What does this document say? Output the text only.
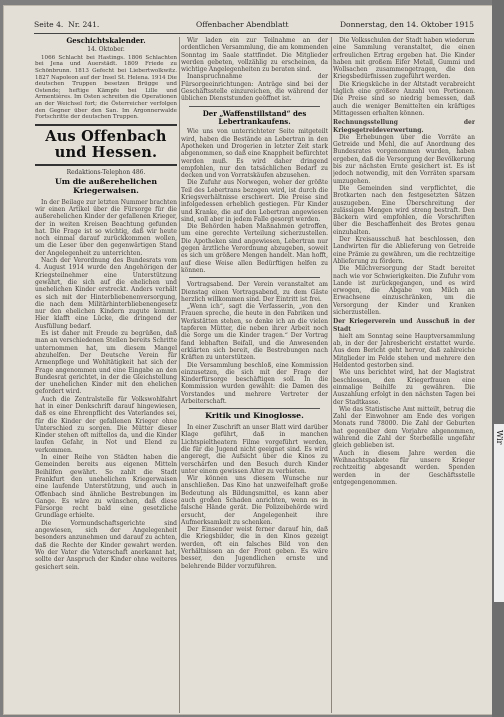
Seite 4. Nr. 241.	Offenbacher Abendblatt	Donnerstag, den 14. Oktober 1915

Geschichtskalender.

14. Oktober.

1066 Schlacht bei Hastings. 1806 Schlachten bei Jena und Auerstädt. 1809 Friede zu Schönbrunn. 1813 Gefecht bei Liebertwolkwitz. 1827 Napoleon auf der Insel St. Helena. 1914 Die deutschen Truppen besetzen Brügge und Ostende; heftige Kämpfe bei Lille und Armentières. Im Osten schreiten die Operationen an der Weichsel fort; die Österreicher verfolgen den Gegner über den San. Im Argonnerwalde Fortschritte der deutschen Truppen.

Aus Offenbach und Hessen.

Redaktions-Telephon 486.

Um die außerehelichen Kriegerwaisen.

In der Beilage zur letzten Nummer brachten wir einen Artikel über die Fürsorge für die außerehelichen Kinder der gefallenen Krieger, der in weiten Kreisen Beachtung gefunden hat. Die Frage ist so wichtig, daß wir heute noch einmal darauf zurückkommen wollen, um die Leser über den gegenwärtigen Stand der Angelegenheit zu unterrichten.

Nach der Verordnung des Bundesrats vom 4. August 1914 wurde den Angehörigen der Kriegsteilnehmer eine Unterstützung gewährt, die sich auf die ehelichen und unehelichen Kinder erstreckt. Anders verhält es sich mit der Hinterbliebenenversorgung, die nach dem Militärhinterbliebenengesetz nur den ehelichen Kindern zugute kommt. Hier klafft eine Lücke, die dringend der Ausfüllung bedarf.

Es ist daher mit Freude zu begrüßen, daß man an verschiedenen Stellen bereits Schritte unternommen hat, um diesem Mangel abzuhelfen. Der Deutsche Verein für Armenpflege und Wohltätigkeit hat sich der Frage angenommen und eine Eingabe an den Bundesrat gerichtet, in der die Gleichstellung der unehelichen Kinder mit den ehelichen gefordert wird.

Auch die Zentralstelle für Volkswohlfahrt hat in einer Denkschrift darauf hingewiesen, daß es eine Ehrenpflicht des Vaterlandes sei, für die Kinder der gefallenen Krieger ohne Unterschied zu sorgen. Die Mütter dieser Kinder stehen oft mittellos da, und die Kinder laufen Gefahr, in Not und Elend zu verkommen.

In einer Reihe von Städten haben die Gemeinden bereits aus eigenen Mitteln Beihilfen gewährt. So zahlt die Stadt Frankfurt den unehelichen Kriegerwaisen eine laufende Unterstützung, und auch in Offenbach sind ähnliche Bestrebungen im Gange. Es wäre zu wünschen, daß diese Fürsorge recht bald eine gesetzliche Grundlage erhielte.

Die Vormundschaftsgerichte sind angewiesen, sich der Angelegenheit besonders anzunehmen und darauf zu achten, daß die Rechte der Kinder gewahrt werden. Wo der Vater die Vaterschaft anerkannt hat, sollte der Anspruch der Kinder ohne weiteres gesichert sein.

Wir laden ein zur Teilnahme an der ordentlichen Versammlung, die am kommenden Sonntag im Saale stattfindet. Die Mitglieder werden gebeten, vollzählig zu erscheinen, da wichtige Angelegenheiten zu beraten sind.

Inanspruchnahme der Fürsorgeeinrichtungen: Anträge sind bei der Geschäftsstelle einzureichen, die während der üblichen Dienststunden geöffnet ist.

Der „Waffenstillstand“ des Lebertrankaufens.

Wie uns von unterrichteter Seite mitgeteilt wird, haben die Bestände an Lebertran in den Apotheken und Drogerien in letzter Zeit stark abgenommen, so daß eine Knappheit befürchtet werden muß. Es wird daher dringend empfohlen, nur den tatsächlichen Bedarf zu decken und von Vorratskäufen abzusehen.

Die Zufuhr aus Norwegen, woher der größte Teil des Lebertrans bezogen wird, ist durch die Kriegsverhältnisse erschwert. Die Preise sind infolgedessen erheblich gestiegen. Für Kinder und Kranke, die auf den Lebertran angewiesen sind, soll aber in jedem Falle gesorgt werden.

Die Behörden haben Maßnahmen getroffen, um eine gerechte Verteilung sicherzustellen. Die Apotheken sind angewiesen, Lebertran nur gegen ärztliche Verordnung abzugeben, soweit es sich um größere Mengen handelt. Man hofft, auf diese Weise allen Bedürftigen helfen zu können.

Vortragsabend. Der Verein veranstaltet am Dienstag einen Vortragsabend, zu dem Gäste herzlich willkommen sind. Der Eintritt ist frei.

„Wenn ich“, sagt die Verfasserin, „von den Frauen spreche, die heute in den Fabriken und Werkstätten stehen, so denke ich an die vielen tapferen Mütter, die neben ihrer Arbeit noch die Sorge um die Kinder tragen.“ Der Vortrag fand lebhaften Beifall, und die Anwesenden erklärten sich bereit, die Bestrebungen nach Kräften zu unterstützen.

Die Versammlung beschloß, eine Kommission einzusetzen, die sich mit der Frage der Kinderfürsorge beschäftigen soll. In die Kommission wurden gewählt: die Damen des Vorstandes und mehrere Vertreter der Arbeiterschaft.

Kritik und Kinoglosse.

In einer Zuschrift an unser Blatt wird darüber Klage geführt, daß in manchen Lichtspieltheatern Filme vorgeführt werden, die für die Jugend nicht geeignet sind. Es wird angeregt, die Aufsicht über die Kinos zu verschärfen und den Besuch durch Kinder unter einem gewissen Alter zu verbieten.

Wir können uns diesem Wunsche nur anschließen. Das Kino hat unzweifelhaft große Bedeutung als Bildungsmittel, es kann aber auch großen Schaden anrichten, wenn es in falsche Hände gerät. Die Polizeibehörde wird ersucht, der Angelegenheit ihre Aufmerksamkeit zu schenken.

Der Einsender weist ferner darauf hin, daß die Kriegsbilder, die in den Kinos gezeigt werden, oft ein falsches Bild von den Verhältnissen an der Front geben. Es wäre besser, den Jugendlichen ernste und belehrende Bilder vorzuführen.

Die Volksschulen der Stadt haben wiederum eine Sammlung veranstaltet, die einen erfreulichen Ertrag ergeben hat. Die Kinder haben mit großem Eifer Metall, Gummi und Wollsachen zusammengetragen, die den Kriegsbedürfnissen zugeführt werden.

Die Kriegsküche in der Altstadt verabreicht täglich eine größere Anzahl von Portionen. Die Preise sind so niedrig bemessen, daß auch die weniger Bemittelten ein kräftiges Mittagessen erhalten können.

Rechnungsstellung der Kriegsgetreideverwertung.

Die Erhebungen über die Vorräte an Getreide und Mehl, die auf Anordnung des Bundesrates vorgenommen wurden, haben ergeben, daß die Versorgung der Bevölkerung bis zur nächsten Ernte gesichert ist. Es ist jedoch notwendig, mit den Vorräten sparsam umzugehen.

Die Gemeinden sind verpflichtet, die Brotkarten nach den festgesetzten Sätzen auszugeben. Eine Überschreitung der zulässigen Mengen wird streng bestraft. Den Bäckern wird empfohlen, die Vorschriften über die Beschaffenheit des Brotes genau einzuhalten.

Der Kreisausschuß hat beschlossen, den Landwirten für die Ablieferung von Getreide eine Prämie zu gewähren, um die rechtzeitige Ablieferung zu fördern.

Die Milchversorgung der Stadt bereitet nach wie vor Schwierigkeiten. Die Zufuhr vom Lande ist zurückgegangen, und es wird erwogen, die Abgabe von Milch an Erwachsene einzuschränken, um die Versorgung der Kinder und Kranken sicherzustellen.

Der Kriegerverein und Ausschuß in der Stadt

hielt am Sonntag seine Hauptversammlung ab, in der der Jahresbericht erstattet wurde. Aus dem Bericht geht hervor, daß zahlreiche Mitglieder im Felde stehen und mehrere den Heldentod gestorben sind.

Wie uns berichtet wird, hat der Magistrat beschlossen, den Kriegerfrauen eine einmalige Beihilfe zu gewähren. Die Auszahlung erfolgt in den nächsten Tagen bei der Stadtkasse.

Wie das Statistische Amt mitteilt, betrug die Zahl der Einwohner am Ende des vorigen Monats rund 78000. Die Zahl der Geburten hat gegenüber dem Vorjahre abgenommen, während die Zahl der Sterbefälle ungefähr gleich geblieben ist.

Auch in diesem Jahre werden die Weihnachtspakete für unsere Krieger rechtzeitig abgesandt werden. Spenden werden in der Geschäftsstelle entgegengenommen.

Wir
